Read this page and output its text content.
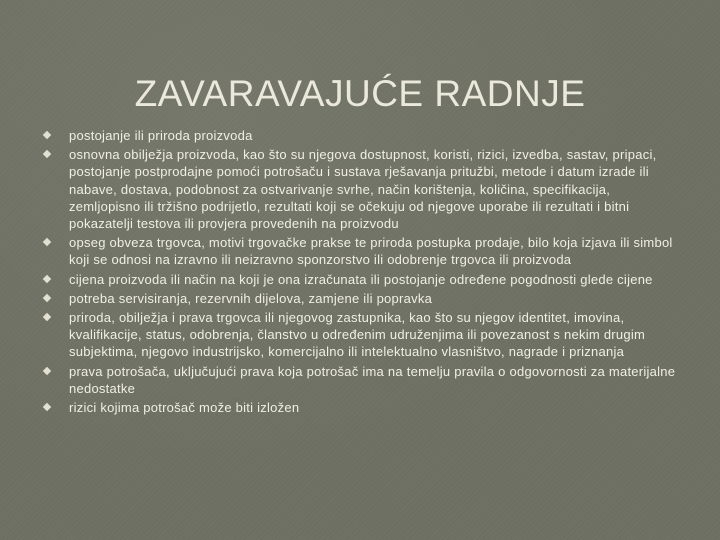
ZAVARAVAJUĆE RADNJE
postojanje ili priroda proizvoda
osnovna obilježja proizvoda, kao što su njegova dostupnost, koristi, rizici, izvedba, sastav, pripaci, postojanje postprodajne pomoći potrošaču i sustava rješavanja pritužbi, metode i datum izrade ili nabave, dostava, podobnost za ostvarivanje svrhe, način korištenja, količina, specifikacija, zemljopisno ili tržišno podrijetlo, rezultati koji se očekuju od njegove uporabe ili rezultati i bitni pokazatelji testova ili provjera provedenih na proizvodu
opseg obveza trgovca, motivi trgovačke prakse te priroda postupka prodaje, bilo koja izjava ili simbol koji se odnosi na izravno ili neizravno sponzorstvo ili odobrenje trgovca ili proizvoda
cijena proizvoda ili način na koji je ona izračunata ili postojanje određene pogodnosti glede cijene
potreba servisiranja, rezervnih dijelova, zamjene ili popravka
priroda, obilježja i prava trgovca ili njegovog zastupnika, kao što su njegov identitet, imovina, kvalifikacije, status, odobrenja, članstvo u određenim udruženjima ili povezanost s nekim drugim subjektima, njegovo industrijsko, komercijalno ili intelektualno vlasništvo, nagrade i priznanja
prava potrošača, uključujući prava koja potrošač ima na temelju pravila o odgovornosti za materijalne nedostatke
rizici kojima potrošač može biti izložen
